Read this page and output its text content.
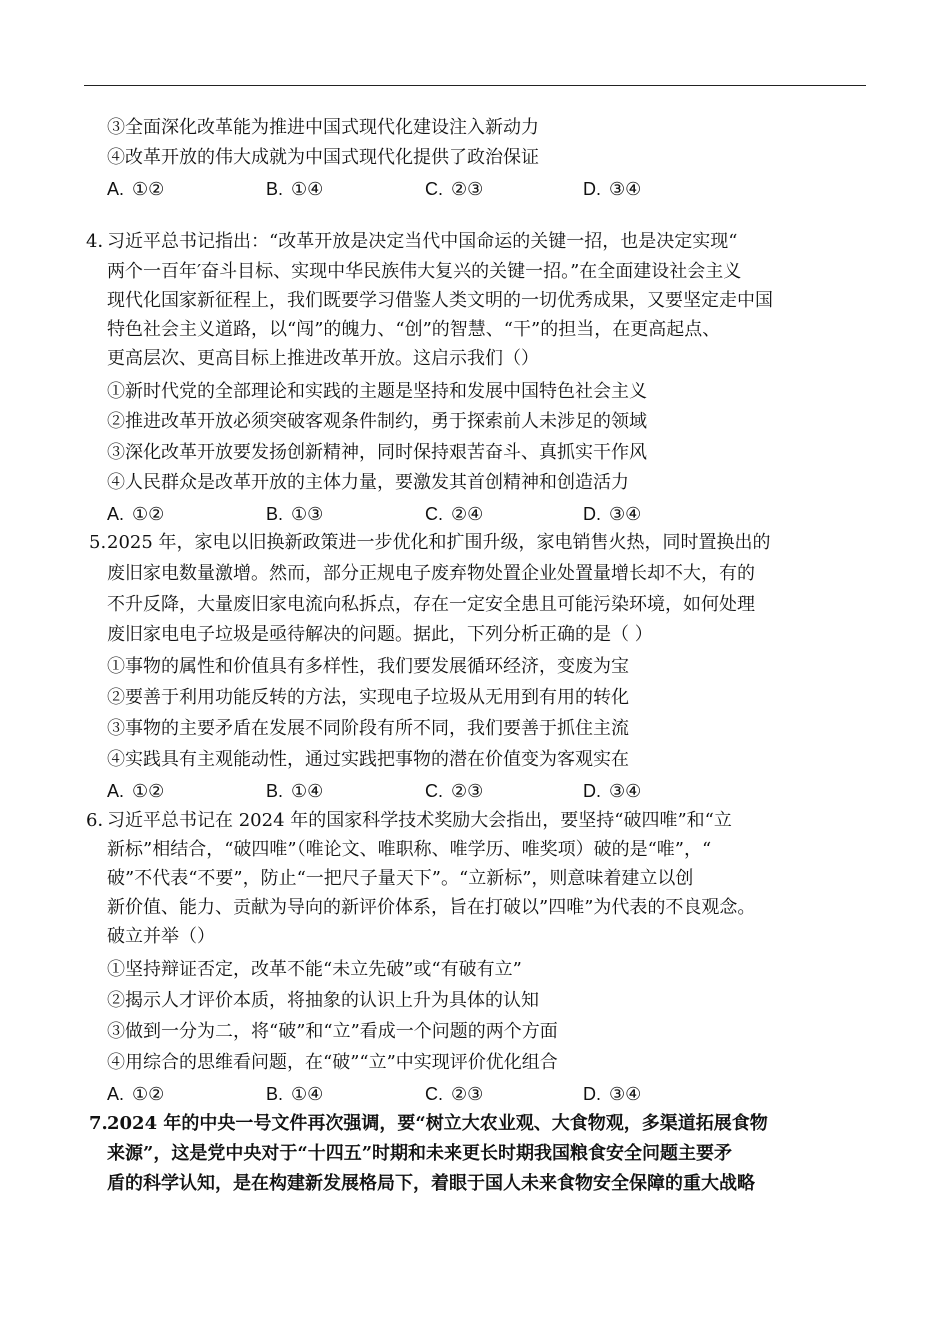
③全面深化改革能为推进中国式现代化建设注入新动力
④改革开放的伟大成就为中国式现代化提供了政治保证
A. ①②	B. ①④	C. ②③	D. ③④
4．
习近平总书记指出：“改革开放是决定当代中国命运的关键一招，也是决定实现“
两个一百年′奋斗目标、实现中华民族伟大复兴的关键一招。”在全面建设社会主义
现代化国家新征程上，我们既要学习借鉴人类文明的一切优秀成果，又要坚定走中国
特色社会主义道路，以“闯”的魄力、“创”的智慧、“干”的担当，在更高起点、
更高层次、更高目标上推进改革开放。这启示我们（）
①新时代党的全部理论和实践的主题是坚持和发展中国特色社会主义
②推进改革开放必须突破客观条件制约，勇于探索前人未涉足的领域
③深化改革开放要发扬创新精神，同时保持艰苦奋斗、真抓实干作风
④人民群众是改革开放的主体力量，要激发其首创精神和创造活力
A. ①②	B. ①③	C. ②④	D. ③④
5. 2025 年，家电以旧换新政策进一步优化和扩围升级，家电销售火热，同时置换出的
废旧家电数量激增。然而，部分正规电子废弃物处置企业处置量增长却不大，有的
不升反降，大量废旧家电流向私拆点，存在一定安全患且可能污染环境，如何处理
废旧家电电子垃圾是亟待解决的问题。据此，下列分析正确的是（ ）
①事物的属性和价值具有多样性，我们要发展循环经济，变废为宝
②要善于利用功能反转的方法，实现电子垃圾从无用到有用的转化
③事物的主要矛盾在发展不同阶段有所不同，我们要善于抓住主流
④实践具有主观能动性，通过实践把事物的潜在价值变为客观实在
A. ①②	B. ①④	C. ②③	D. ③④
6．
习近平总书记在 2024 年的国家科学技术奖励大会指出，要坚持“破四唯”和“立
新标”相结合，“破四唯”（唯论文、唯职称、唯学历、唯奖项）破的是“唯”，“
破”不代表“不要”，防止“一把尺子量天下”。“立新标”，则意味着建立以创
新价值、能力、贡献为导向的新评价体系，旨在打破以”四唯”为代表的不良观念。
破立并举（）
①坚持辩证否定，改革不能“未立先破”或“有破有立”
②揭示人才评价本质，将抽象的认识上升为具体的认知
③做到一分为二，将“破”和“立”看成一个问题的两个方面
④用综合的思维看问题，在“破”“立”中实现评价优化组合
A. ①②	B. ①④	C. ②③	D. ③④
7. 2024 年的中央一号文件再次强调，要“树立大农业观、大食物观，多渠道拓展食物
来源”，这是党中央对于“十四五”时期和未来更长时期我国粮食安全问题主要矛
盾的科学认知，是在构建新发展格局下，着眼于国人未来食物安全保障的重大战略
